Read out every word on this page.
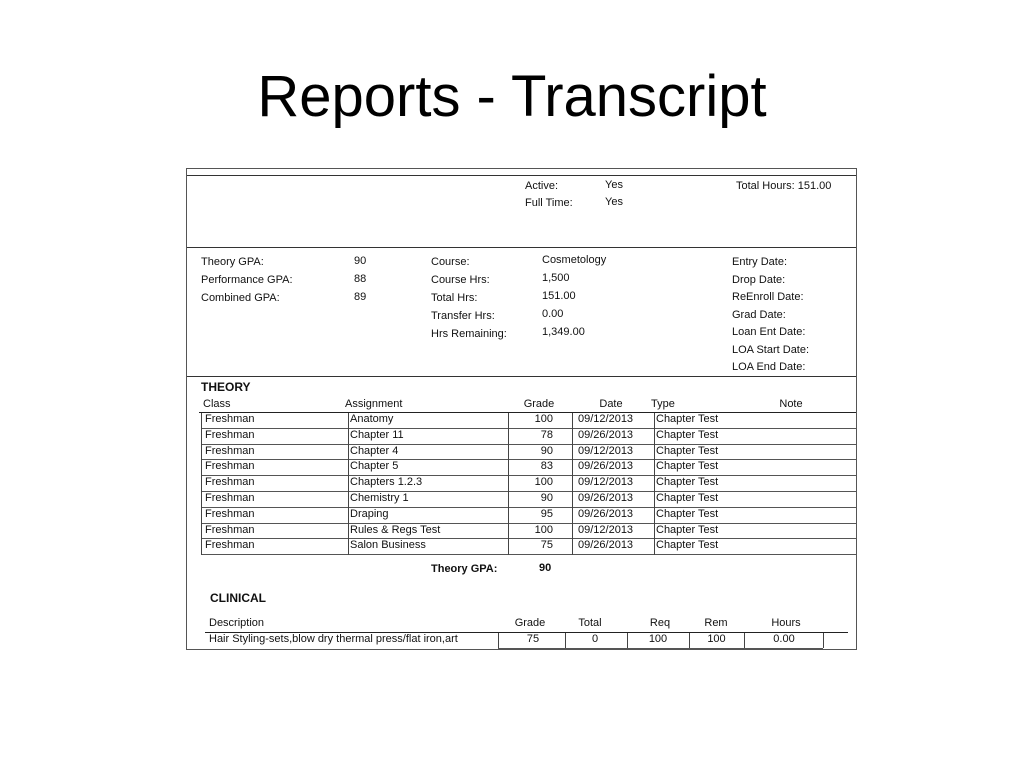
Reports - Transcript
Active:	Yes
Full Time:	Yes
Total Hours: 151.00
Theory GPA:	90
Performance GPA:	88
Combined GPA:	89
Course:	Cosmetology
Course Hrs:	1,500
Total Hrs:	151.00
Transfer Hrs:	0.00
Hrs Remaining:	1,349.00
Entry Date:
Drop Date:
ReEnroll Date:
Grad Date:
Loan Ent Date:
LOA Start Date:
LOA End Date:
THEORY
Class	Assignment	Grade	Date	Type	Note
Freshman	Anatomy	100 09/12/2013 Chapter Test
Freshman	Chapter 11	78 09/26/2013 Chapter Test
Freshman	Chapter 4	90 09/12/2013 Chapter Test
Freshman	Chapter 5	83 09/26/2013 Chapter Test
Freshman	Chapters 1.2.3	100 09/12/2013 Chapter Test
Freshman	Chemistry 1	90 09/26/2013 Chapter Test
Freshman	Draping	95 09/26/2013 Chapter Test
Freshman	Rules & Regs Test	100 09/12/2013 Chapter Test
Freshman	Salon Business	75 09/26/2013 Chapter Test
Theory GPA:	90
CLINICAL
Description	Grade	Total	Req	Rem	Hours
Hair Styling-sets,blow dry thermal press/flat iron,art	75	0	100	100	0.00
